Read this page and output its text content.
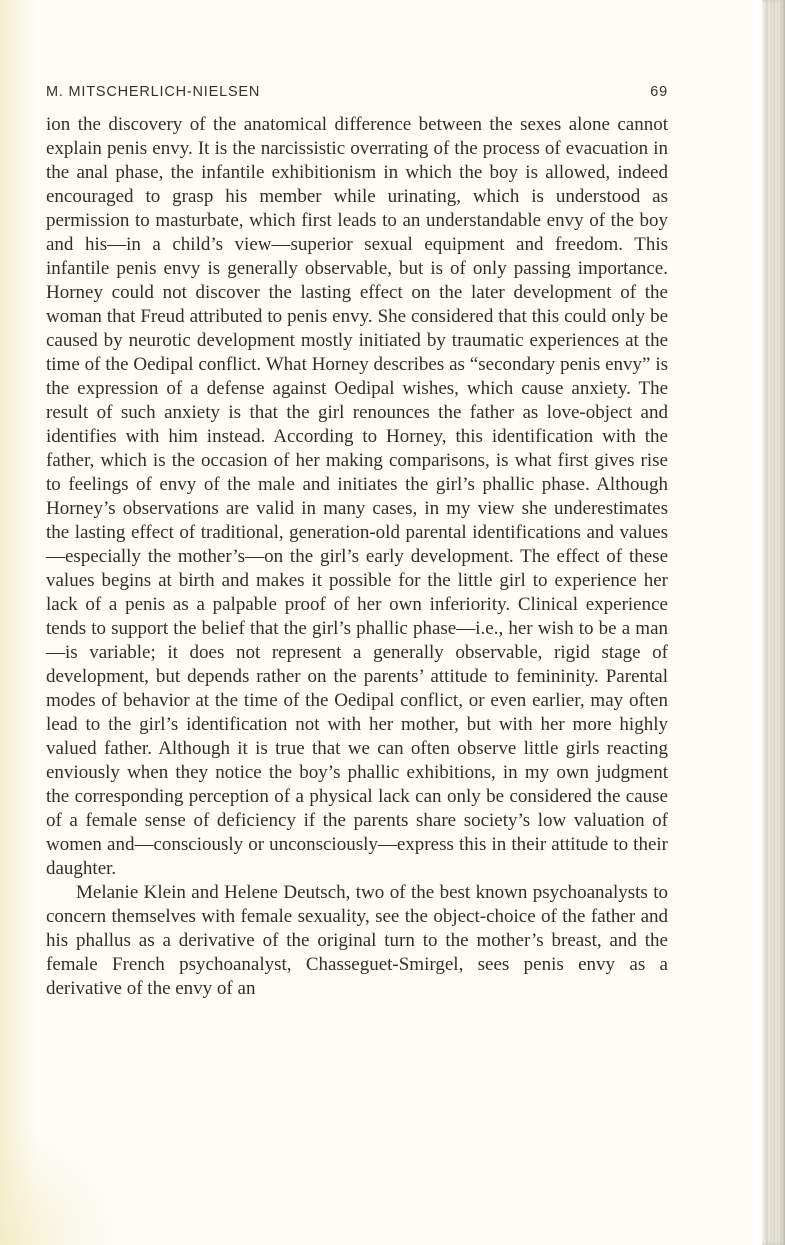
M. MITSCHERLICH-NIELSEN	69

ion the discovery of the anatomical difference between the sexes alone cannot explain penis envy. It is the narcissistic overrating of the process of evacuation in the anal phase, the infantile exhibitionism in which the boy is allowed, indeed encouraged to grasp his member while urinating, which is understood as permission to masturbate, which first leads to an understandable envy of the boy and his—in a child’s view—superior sexual equipment and freedom. This infantile penis envy is generally observable, but is of only passing importance. Horney could not discover the lasting effect on the later development of the woman that Freud attributed to penis envy. She considered that this could only be caused by neurotic development mostly initiated by traumatic experiences at the time of the Oedipal conflict. What Horney describes as “secondary penis envy” is the expression of a defense against Oedipal wishes, which cause anxiety. The result of such anxiety is that the girl renounces the father as love-object and identifies with him instead. According to Horney, this identification with the father, which is the occasion of her making comparisons, is what first gives rise to feelings of envy of the male and initiates the girl’s phallic phase. Although Horney’s observations are valid in many cases, in my view she underestimates the lasting effect of traditional, generation-old parental identifications and values—especially the mother’s—on the girl’s early development. The effect of these values begins at birth and makes it possible for the little girl to experience her lack of a penis as a palpable proof of her own inferiority. Clinical experience tends to support the belief that the girl’s phallic phase—i.e., her wish to be a man—is variable; it does not represent a generally observable, rigid stage of development, but depends rather on the parents’ attitude to femininity. Parental modes of behavior at the time of the Oedipal conflict, or even earlier, may often lead to the girl’s identification not with her mother, but with her more highly valued father. Although it is true that we can often observe little girls reacting enviously when they notice the boy’s phallic exhibitions, in my own judgment the corresponding perception of a physical lack can only be considered the cause of a female sense of deficiency if the parents share society’s low valuation of women and—consciously or unconsciously—express this in their attitude to their daughter.

Melanie Klein and Helene Deutsch, two of the best known psychoanalysts to concern themselves with female sexuality, see the object-choice of the father and his phallus as a derivative of the original turn to the mother’s breast, and the female French psychoanalyst, Chasseguet-Smirgel, sees penis envy as a derivative of the envy of an
